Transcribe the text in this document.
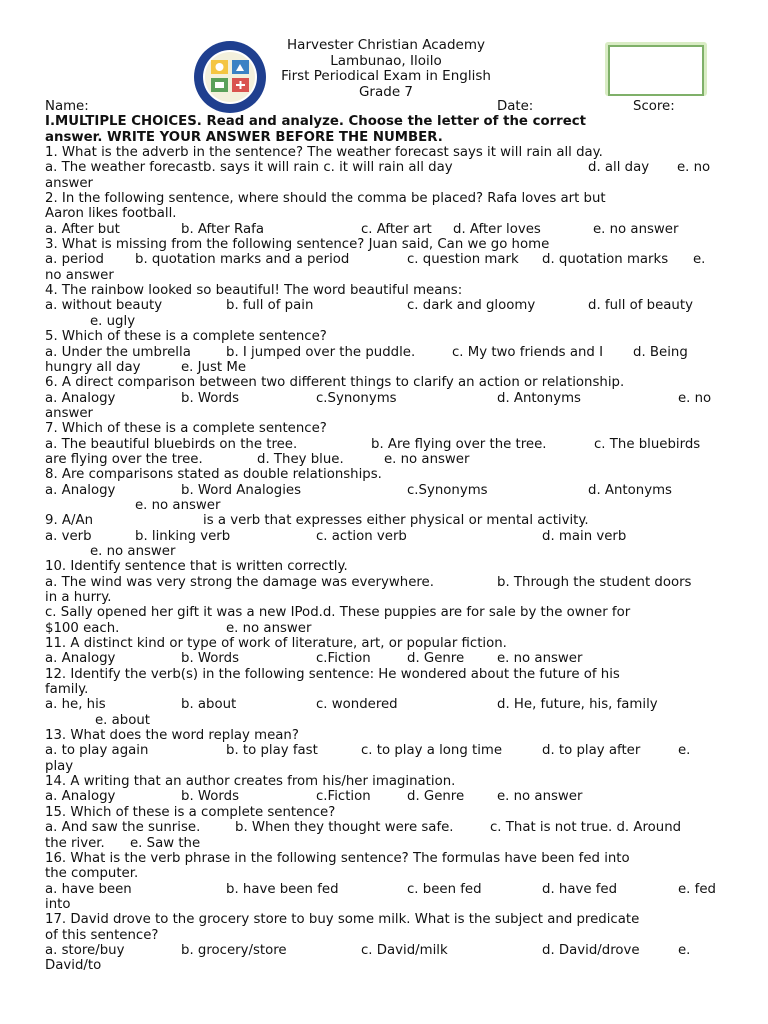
Harvester Christian Academy
Lambunao, Iloilo
First Periodical Exam in English
Grade 7
Name:	Date:	Score:
I.MULTIPLE CHOICES. Read and analyze. Choose the letter of the correct
answer. WRITE YOUR ANSWER BEFORE THE NUMBER.
1. What is the adverb in the sentence? The weather forecast says it will rain all day.
a. The weather forecastb. says it will rain c. it will rain all day	d. all day e. no
answer
2. In the following sentence, where should the comma be placed? Rafa loves art but
Aaron likes football.
a. After but	b. After Rafa	c. After art d. After loves	e. no answer
3. What is missing from the following sentence? Juan said, Can we go home
a. period b. quotation marks and a period	c. question mark d. quotation marks e.
no answer
4. The rainbow looked so beautiful! The word beautiful means:
a. without beauty	b. full of pain	c. dark and gloomy	d. full of beauty
e. ugly
5. Which of these is a complete sentence?
a. Under the umbrella	b. I jumped over the puddle.	c. My two friends and I d. Being
hungry all day	e. Just Me
6. A direct comparison between two different things to clarify an action or relationship.
a. Analogy	b. Words	c.Synonyms	d. Antonyms	e. no
answer
7. Which of these is a complete sentence?
a. The beautiful bluebirds on the tree.	b. Are flying over the tree.	c. The bluebirds
are flying over the tree.	d. They blue.	e. no answer
8. Are comparisons stated as double relationships.
a. Analogy	b. Word Analogies	c.Synonyms	d. Antonyms
e. no answer
9. A/An	is a verb that expresses either physical or mental activity.
a. verb	b. linking verb	c. action verb	d. main verb
e. no answer
10. Identify sentence that is written correctly.
a. The wind was very strong the damage was everywhere.	b. Through the student doors
in a hurry.
c. Sally opened her gift it was a new IPod.d. These puppies are for sale by the owner for
$100 each.	e. no answer
11. A distinct kind or type of work of literature, art, or popular fiction.
a. Analogy	b. Words	c.Fiction	d. Genre e. no answer
12. Identify the verb(s) in the following sentence: He wondered about the future of his
family.
a. he, his	b. about	c. wondered	d. He, future, his, family
e. about
13. What does the word replay mean?
a. to play again	b. to play fast	c. to play a long time	d. to play after	e.
play
14. A writing that an author creates from his/her imagination.
a. Analogy	b. Words	c.Fiction	d. Genre e. no answer
15. Which of these is a complete sentence?
a. And saw the sunrise.	b. When they thought were safe.	c. That is not true. d. Around
the river. e. Saw the
16. What is the verb phrase in the following sentence? The formulas have been fed into
the computer.
a. have been	b. have been fed	c. been fed	d. have fed	e. fed
into
17. David drove to the grocery store to buy some milk. What is the subject and predicate
of this sentence?
a. store/buy	b. grocery/store	c. David/milk	d. David/drove	e.
David/to
